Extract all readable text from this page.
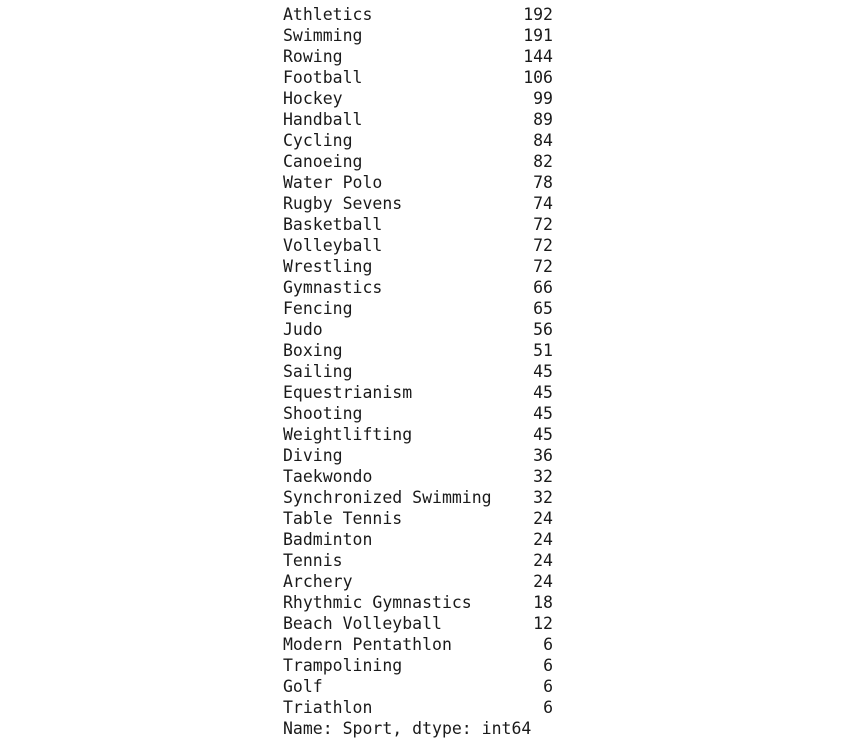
Athletics	192
Swimming	191
Rowing	144
Football	106
Hockey	99
Handball	89
Cycling	84
Canoeing	82
Water Polo	78
Rugby Sevens	74
Basketball	72
Volleyball	72
Wrestling	72
Gymnastics	66
Fencing	65
Judo	56
Boxing	51
Sailing	45
Equestrianism	45
Shooting	45
Weightlifting	45
Diving	36
Taekwondo	32
Synchronized Swimming	32
Table Tennis	24
Badminton	24
Tennis	24
Archery	24
Rhythmic Gymnastics	18
Beach Volleyball	12
Modern Pentathlon	6
Trampolining	6
Golf	6
Triathlon	6
Name: Sport, dtype: int64
